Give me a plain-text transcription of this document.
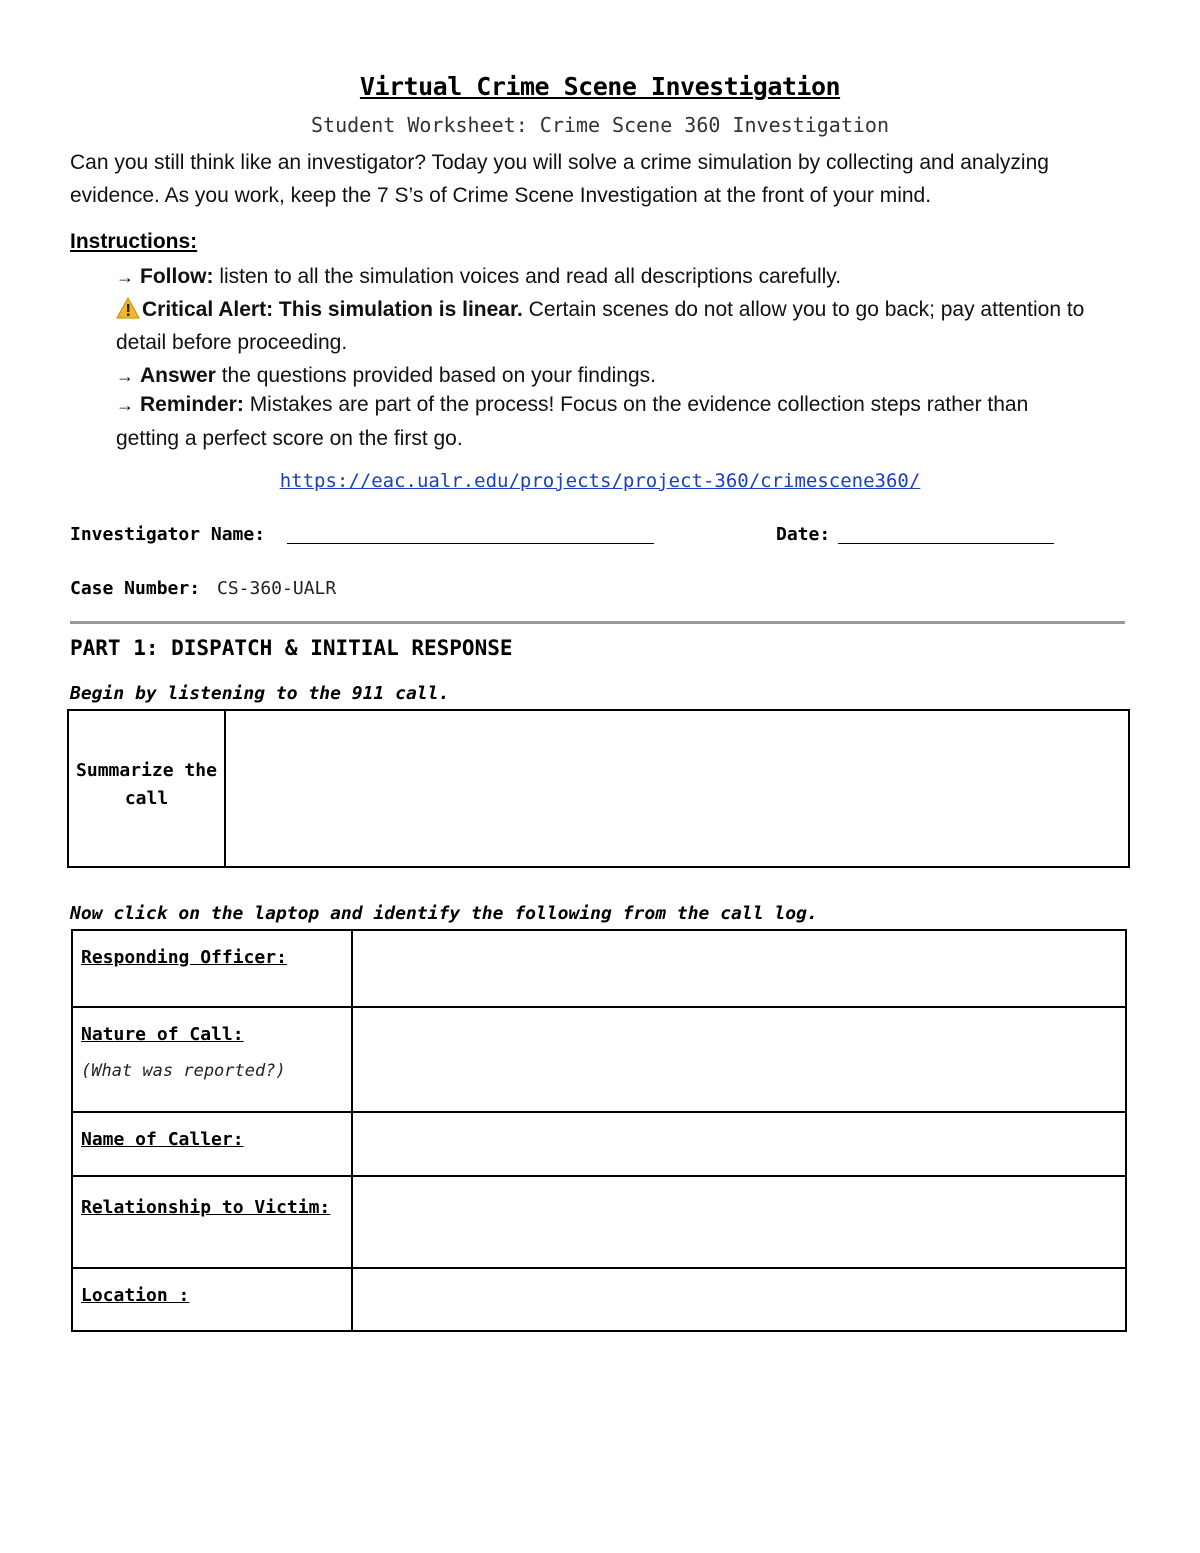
Virtual Crime Scene Investigation
Student Worksheet: Crime Scene 360 Investigation
Can you still think like an investigator? Today you will solve a crime simulation by collecting and analyzing evidence. As you work, keep the 7 S’s of Crime Scene Investigation at the front of your mind.
Instructions:
→ Follow: listen to all the simulation voices and read all descriptions carefully.
Critical Alert: This simulation is linear. Certain scenes do not allow you to go back; pay attention to detail before proceeding.
→ Answer the questions provided based on your findings.
→ Reminder: Mistakes are part of the process! Focus on the evidence collection steps rather than getting a perfect score on the first go.
https://eac.ualr.edu/projects/project-360/crimescene360/
Investigator Name:	Date:
Case Number: CS-360-UALR
PART 1: DISPATCH & INITIAL RESPONSE
Begin by listening to the 911 call.
Summarize the call
Now click on the laptop and identify the following from the call log.
Responding Officer:	
Nature of Call:
(What was reported?)	

Name of Caller:	
Relationship to Victim:	
Location :	
